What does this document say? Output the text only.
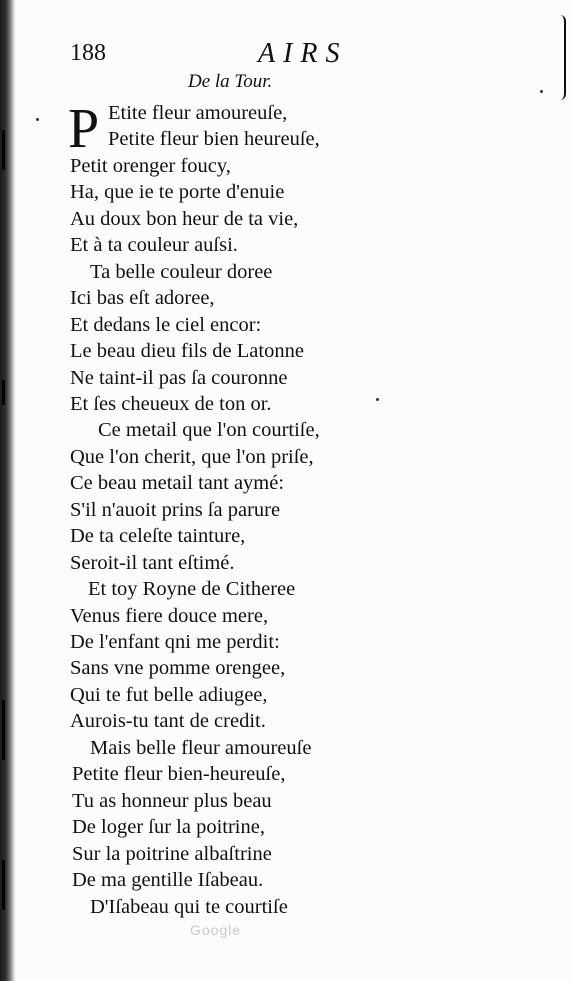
188	AIRS
De la Tour.
P Etite fleur amoureuſe,
Petite fleur bien heureuſe,
Petit orenger foucy,
Ha, que ie te porte d'enuie
Au doux bon heur de ta vie,
Et à ta couleur auſsi.
Ta belle couleur doree
Ici bas eſt adoree,
Et dedans le ciel encor:
Le beau dieu fils de Latonne
Ne taint-il pas ſa couronne
Et ſes cheueux de ton or.
Ce metail que l'on courtiſe,
Que l'on cherit, que l'on priſe,
Ce beau metail tant aymé:
S'il n'auoit prins ſa parure
De ta celeſte tainture,
Seroit-il tant eſtimé.
Et toy Royne de Citheree
Venus fiere douce mere,
De l'enfant qni me perdit:
Sans vne pomme orengee,
Qui te fut belle adiugee,
Aurois-tu tant de credit.
Mais belle fleur amoureuſe
Petite fleur bien-heureuſe,
Tu as honneur plus beau
De loger ſur la poitrine,
Sur la poitrine albaſtrine
De ma gentille Iſabeau.
D'Iſabeau qui te courtiſe
Google
